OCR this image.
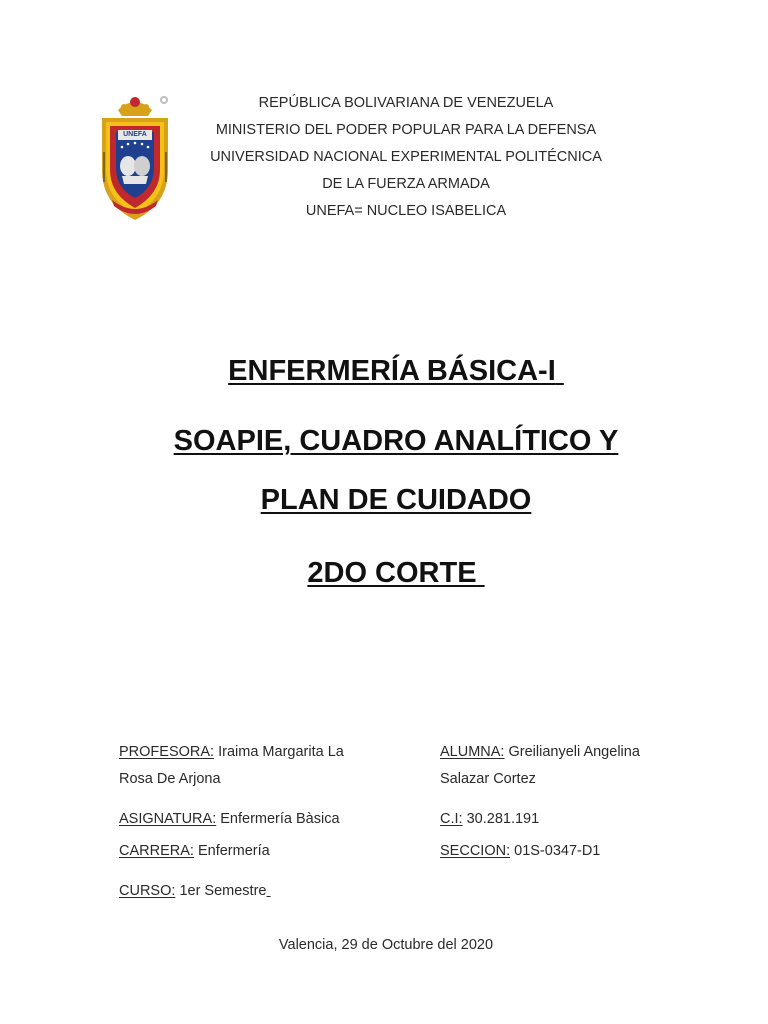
UNEFA
REPÚBLICA BOLIVARIANA DE VENEZUELA
MINISTERIO DEL PODER POPULAR PARA LA DEFENSA
UNIVERSIDAD NACIONAL EXPERIMENTAL POLITÉCNICA
DE LA FUERZA ARMADA
UNEFA= NUCLEO ISABELICA
ENFERMERÍA BÁSICA-I
SOAPIE, CUADRO ANALÍTICO Y
PLAN DE CUIDADO
2DO CORTE
PROFESORA: Iraima Margarita La
Rosa De Arjona
ALUMNA: Greilianyeli Angelina
Salazar Cortez
ASIGNATURA: Enfermería Bàsica	C.I: 30.281.191
CARRERA: Enfermería	SECCION: 01S-0347-D1
CURSO: 1er Semestre
Valencia, 29 de Octubre del 2020
